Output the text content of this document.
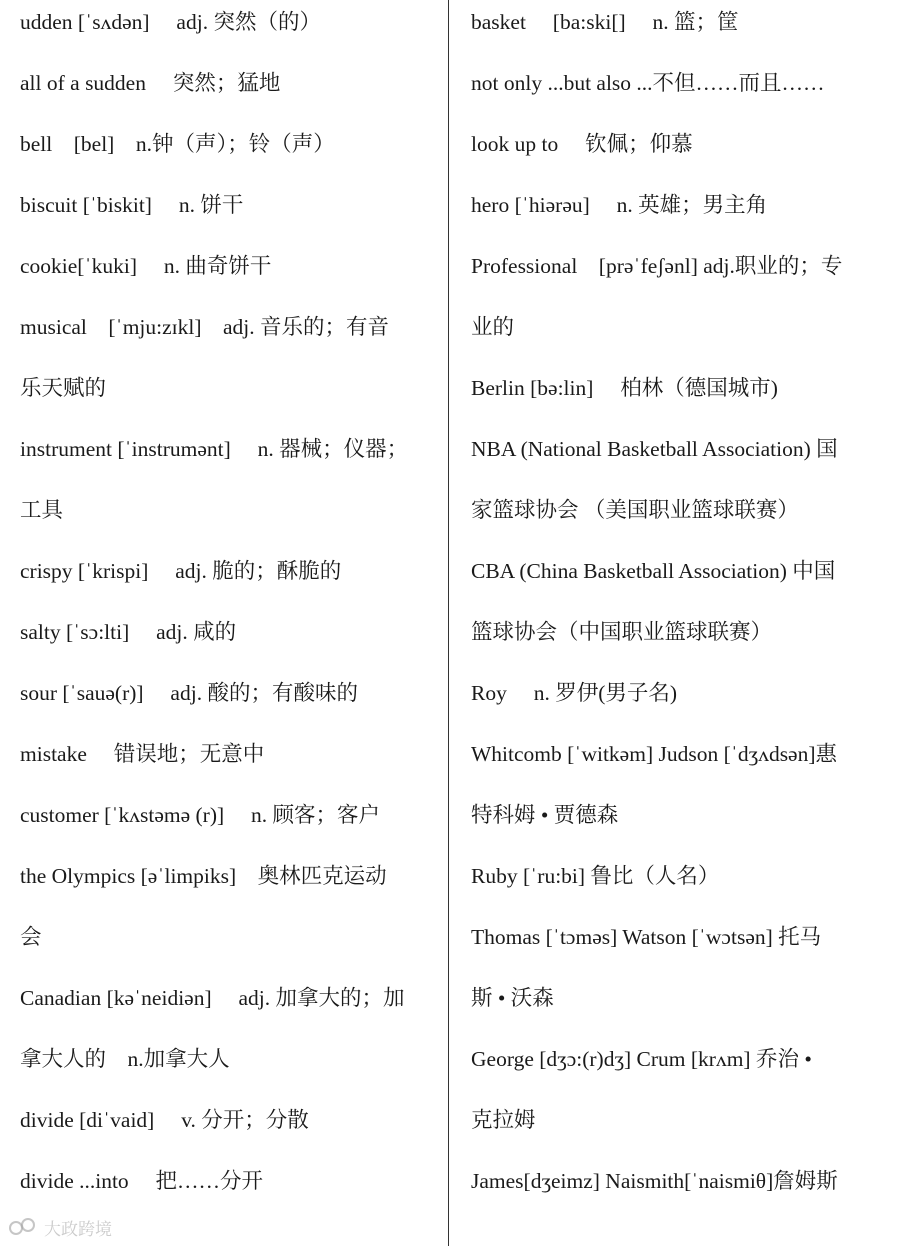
udden [ˈsʌdən]　 adj. 突然（的）
all of a sudden　 突然；猛地
bell　[bel]　n.钟（声）；铃（声）
biscuit [ˈbiskit]　 n. 饼干
cookie[ˈkuki]　 n. 曲奇饼干
musical　[ˈmju:zɪkl]　adj. 音乐的；有音
乐天赋的
instrument [ˈinstrumənt]　 n. 器械；仪器；
工具
crispy [ˈkrispi]　 adj. 脆的；酥脆的
salty [ˈsɔ:lti]　 adj. 咸的
sour [ˈsauə(r)]　 adj. 酸的；有酸味的
mistake　 错误地；无意中
customer [ˈkʌstəmə (r)]　 n. 顾客；客户
the Olympics [əˈlimpiks]　奥林匹克运动
会
Canadian [kəˈneidiən]　 adj. 加拿大的；加
拿大人的　n.加拿大人
divide [diˈvaid]　 v. 分开；分散
divide ...into　 把……分开
basket　 [ba:ski[]　 n. 篮；筐
not only ...but also ...不但……而且……
look up to　 钦佩；仰慕
hero [ˈhiərəu]　 n. 英雄；男主角
Professional　[prəˈfeʃənl] adj.职业的；专
业的
Berlin [bə:lin]　 柏林（德国城市)
NBA (National Basketball Association) 国
家篮球协会 （美国职业篮球联赛）
CBA (China Basketball Association) 中国
篮球协会（中国职业篮球联赛）
Roy　 n. 罗伊(男子名)
Whitcomb [ˈwitkəm] Judson [ˈdʒʌdsən]惠
特科姆 • 贾德森
Ruby [ˈru:bi] 鲁比（人名）
Thomas [ˈtɔməs] Watson [ˈwɔtsən] 托马
斯 • 沃森
George [dʒɔ:(r)dʒ] Crum [krʌm] 乔治 •
克拉姆
James[dʒeimz] Naismith[ˈnaismiθ]詹姆斯
大政跨境
